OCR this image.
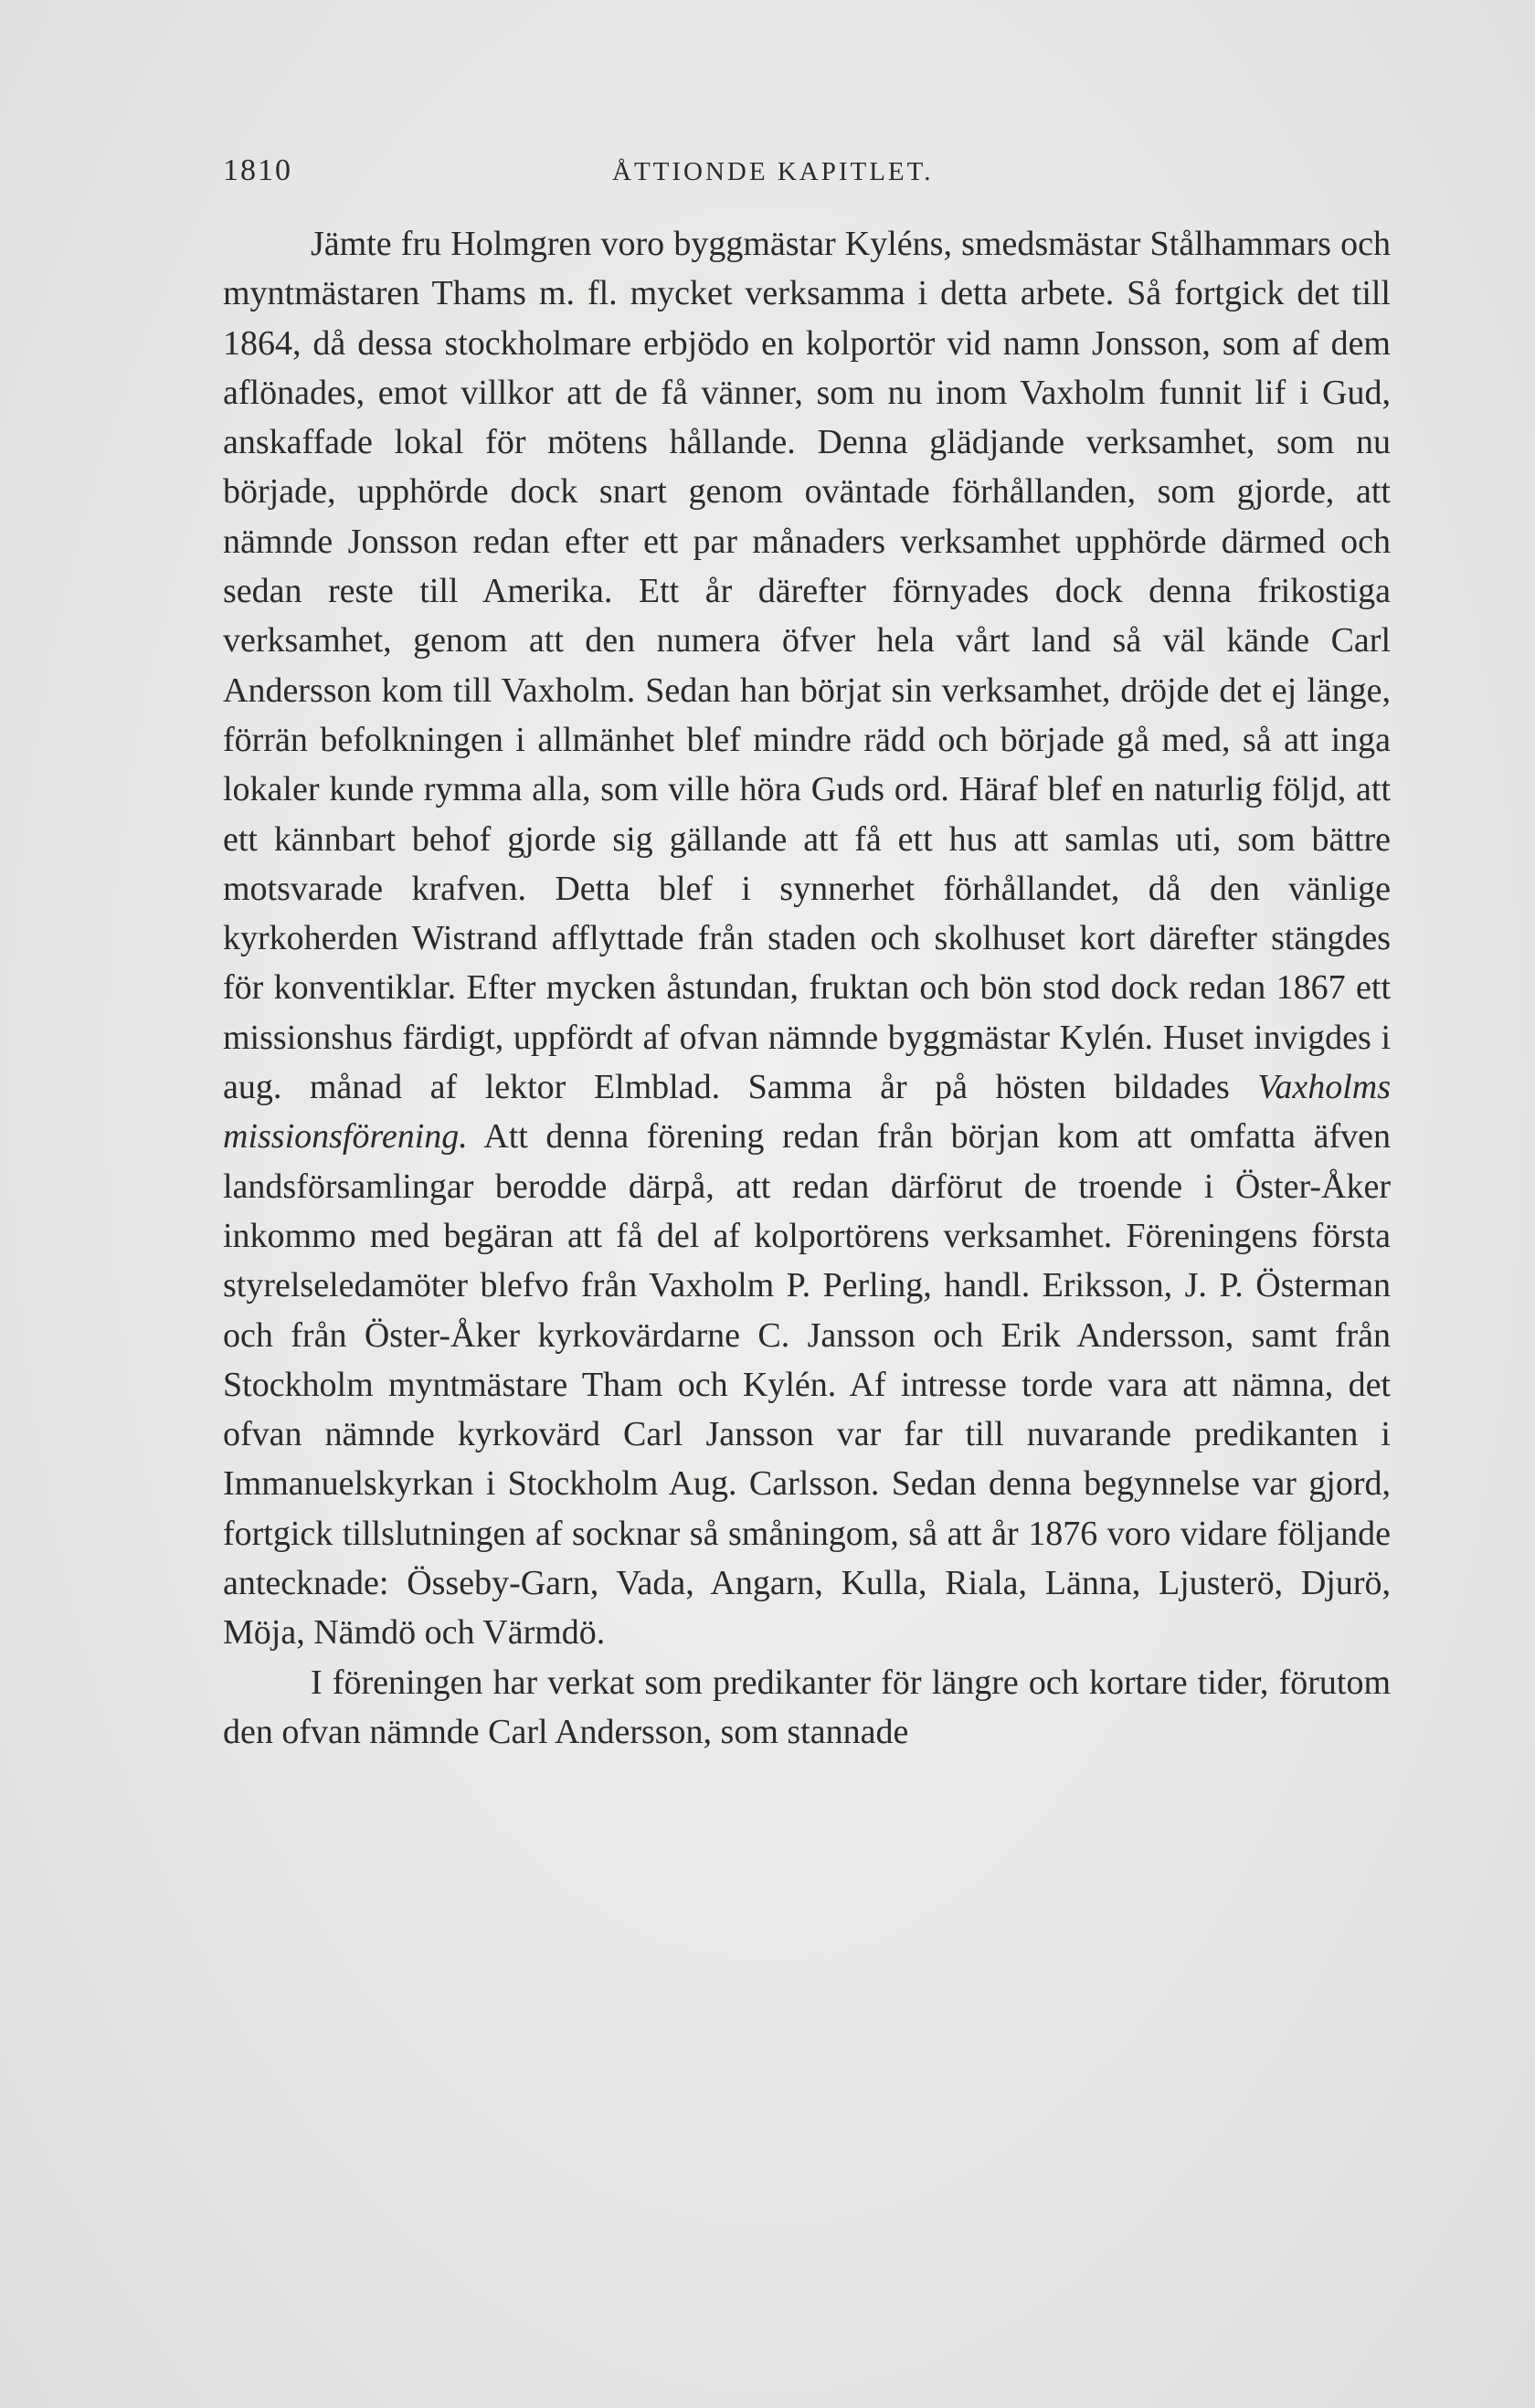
1810	ÅTTIONDE KAPITLET.

Jämte fru Holmgren voro byggmästar Kyléns, smedsmästar Stålhammars och myntmästaren Thams m. fl. mycket verksamma i detta arbete. Så fortgick det till 1864, då dessa stockholmare erbjödo en kolportör vid namn Jonsson, som af dem aflönades, emot villkor att de få vänner, som nu inom Vaxholm funnit lif i Gud, anskaffade lokal för mötens hållande. Denna glädjande verksamhet, som nu började, upphörde dock snart genom oväntade förhållanden, som gjorde, att nämnde Jonsson redan efter ett par månaders verksamhet upphörde därmed och sedan reste till Amerika. Ett år därefter förnyades dock denna frikostiga verksamhet, genom att den numera öfver hela vårt land så väl kände Carl Andersson kom till Vaxholm. Sedan han börjat sin verksamhet, dröjde det ej länge, förrän befolkningen i allmänhet blef mindre rädd och började gå med, så att inga lokaler kunde rymma alla, som ville höra Guds ord. Häraf blef en naturlig följd, att ett kännbart behof gjorde sig gällande att få ett hus att samlas uti, som bättre motsvarade krafven. Detta blef i synnerhet förhållandet, då den vänlige kyrkoherden Wistrand afflyttade från staden och skolhuset kort därefter stängdes för konventiklar. Efter mycken åstundan, fruktan och bön stod dock redan 1867 ett missionshus färdigt, uppfördt af ofvan nämnde byggmästar Kylén. Huset invigdes i aug. månad af lektor Elmblad. Samma år på hösten bildades Vaxholms missionsförening. Att denna förening redan från början kom att omfatta äfven landsförsamlingar berodde därpå, att redan därförut de troende i Öster-Åker inkommo med begäran att få del af kolportörens verksamhet. Föreningens första styrelseledamöter blefvo från Vaxholm P. Perling, handl. Eriksson, J. P. Österman och från Öster-Åker kyrkovärdarne C. Jansson och Erik Andersson, samt från Stockholm myntmästare Tham och Kylén. Af intresse torde vara att nämna, det ofvan nämnde kyrkovärd Carl Jansson var far till nuvarande predikanten i Immanuelskyrkan i Stockholm Aug. Carlsson. Sedan denna begynnelse var gjord, fortgick tillslutningen af socknar så småningom, så att år 1876 voro vidare följande antecknade: Össeby-Garn, Vada, Angarn, Kulla, Riala, Länna, Ljusterö, Djurö, Möja, Nämdö och Värmdö.

I föreningen har verkat som predikanter för längre och kortare tider, förutom den ofvan nämnde Carl Andersson, som stannade
